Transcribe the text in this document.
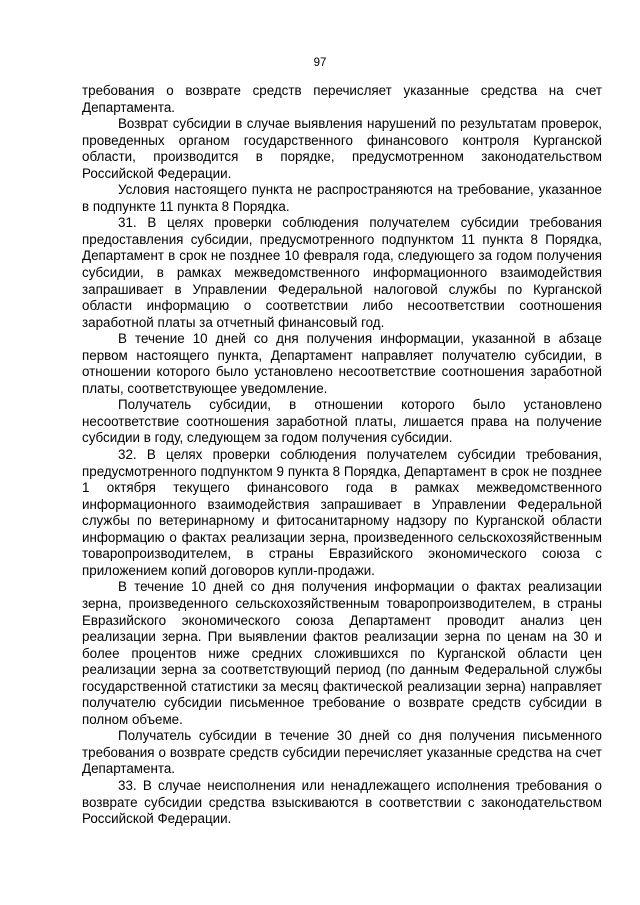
97

требования о возврате средств перечисляет указанные средства на счет Департамента.

Возврат субсидии в случае выявления нарушений по результатам проверок, проведенных органом государственного финансового контроля Курганской области, производится в порядке, предусмотренном законодательством Российской Федерации.

Условия настоящего пункта не распространяются на требование, указанное в подпункте 11 пункта 8 Порядка.

31. В целях проверки соблюдения получателем субсидии требования предоставления субсидии, предусмотренного подпунктом 11 пункта 8 Порядка, Департамент в срок не позднее 10 февраля года, следующего за годом получения субсидии, в рамках межведомственного информационного взаимодействия запрашивает в Управлении Федеральной налоговой службы по Курганской области информацию о соответствии либо несоответствии соотношения заработной платы за отчетный финансовый год.

В течение 10 дней со дня получения информации, указанной в абзаце первом настоящего пункта, Департамент направляет получателю субсидии, в отношении которого было установлено несоответствие соотношения заработной платы, соответствующее уведомление.

Получатель субсидии, в отношении которого было установлено несоответствие соотношения заработной платы, лишается права на получение субсидии в году, следующем за годом получения субсидии.

32. В целях проверки соблюдения получателем субсидии требования, предусмотренного подпунктом 9 пункта 8 Порядка, Департамент в срок не позднее 1 октября текущего финансового года в рамках межведомственного информационного взаимодействия запрашивает в Управлении Федеральной службы по ветеринарному и фитосанитарному надзору по Курганской области информацию о фактах реализации зерна, произведенного сельскохозяйственным товаропроизводителем, в страны Евразийского экономического союза с приложением копий договоров купли-продажи.

В течение 10 дней со дня получения информации о фактах реализации зерна, произведенного сельскохозяйственным товаропроизводителем, в страны Евразийского экономического союза Департамент проводит анализ цен реализации зерна. При выявлении фактов реализации зерна по ценам на 30 и более процентов ниже средних сложившихся по Курганской области цен реализации зерна за соответствующий период (по данным Федеральной службы государственной статистики за месяц фактической реализации зерна) направляет получателю субсидии письменное требование о возврате средств субсидии в полном объеме.

Получатель субсидии в течение 30 дней со дня получения письменного требования о возврате средств субсидии перечисляет указанные средства на счет Департамента.

33. В случае неисполнения или ненадлежащего исполнения требования о возврате субсидии средства взыскиваются в соответствии с законодательством Российской Федерации.
